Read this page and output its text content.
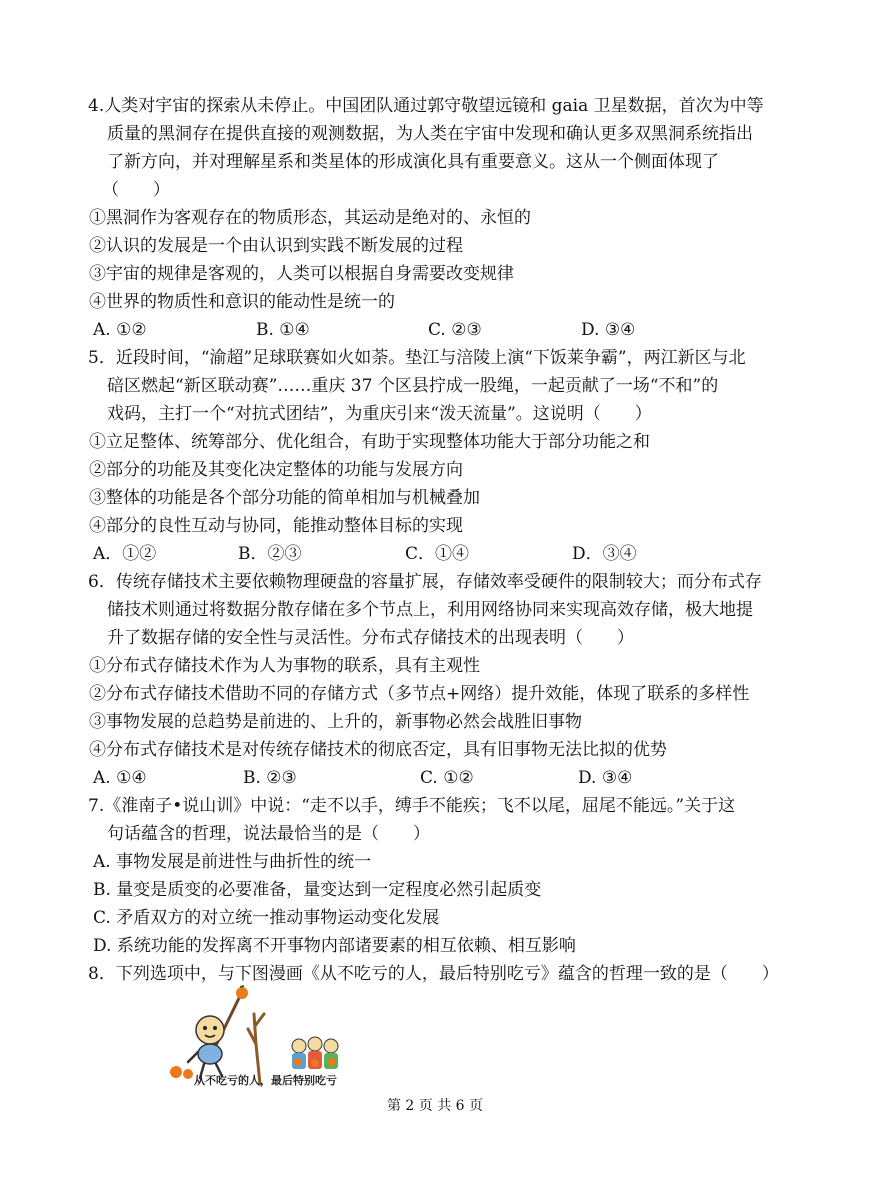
4.人类对宇宙的探索从未停止。中国团队通过郭守敬望远镜和 gaia 卫星数据，首次为中等
质量的黑洞存在提供直接的观测数据，为人类在宇宙中发现和确认更多双黑洞系统指出
了新方向，并对理解星系和类星体的形成演化具有重要意义。这从一个侧面体现了
（　　）
①黑洞作为客观存在的物质形态，其运动是绝对的、永恒的
②认识的发展是一个由认识到实践不断发展的过程
③宇宙的规律是客观的，人类可以根据自身需要改变规律
④世界的物质性和意识的能动性是统一的
A. ①②	B. ①④	C. ②③	D. ③④
5．近段时间，“渝超”足球联赛如火如荼。垫江与涪陵上演“下饭莱争霸”，两江新区与北
碚区燃起“新区联动赛”……重庆 37 个区县拧成一股绳，一起贡献了一场“不和”的
戏码，主打一个“对抗式团结”，为重庆引来“泼天流量”。这说明（　　）
①立足整体、统筹部分、优化组合，有助于实现整体功能大于部分功能之和
②部分的功能及其变化决定整体的功能与发展方向
③整体的功能是各个部分功能的简单相加与机械叠加
④部分的良性互动与协同，能推动整体目标的实现
A．①②	B．②③	C．①④	D．③④
6．传统存储技术主要依赖物理硬盘的容量扩展，存储效率受硬件的限制较大；而分布式存
储技术则通过将数据分散存储在多个节点上，利用网络协同来实现高效存储，极大地提
升了数据存储的安全性与灵活性。分布式存储技术的出现表明（　　）
①分布式存储技术作为人为事物的联系，具有主观性
②分布式存储技术借助不同的存储方式（多节点+网络）提升效能，体现了联系的多样性
③事物发展的总趋势是前进的、上升的，新事物必然会战胜旧事物
④分布式存储技术是对传统存储技术的彻底否定，具有旧事物无法比拟的优势
A. ①④	B. ②③	C. ①②	D. ③④
7.《淮南子•说山训》中说：“走不以手，缚手不能疾；飞不以尾，屈尾不能远。”关于这
句话蕴含的哲理，说法最恰当的是（　　）
A. 事物发展是前进性与曲折性的统一
B. 量变是质变的必要准备，量变达到一定程度必然引起质变
C. 矛盾双方的对立统一推动事物运动变化发展
D. 系统功能的发挥离不开事物内部诸要素的相互依赖、相互影响
8．下列选项中，与下图漫画《从不吃亏的人，最后特别吃亏》蕴含的哲理一致的是（　　）
从不吃亏的人，最后特别吃亏
第 2 页 共 6 页
